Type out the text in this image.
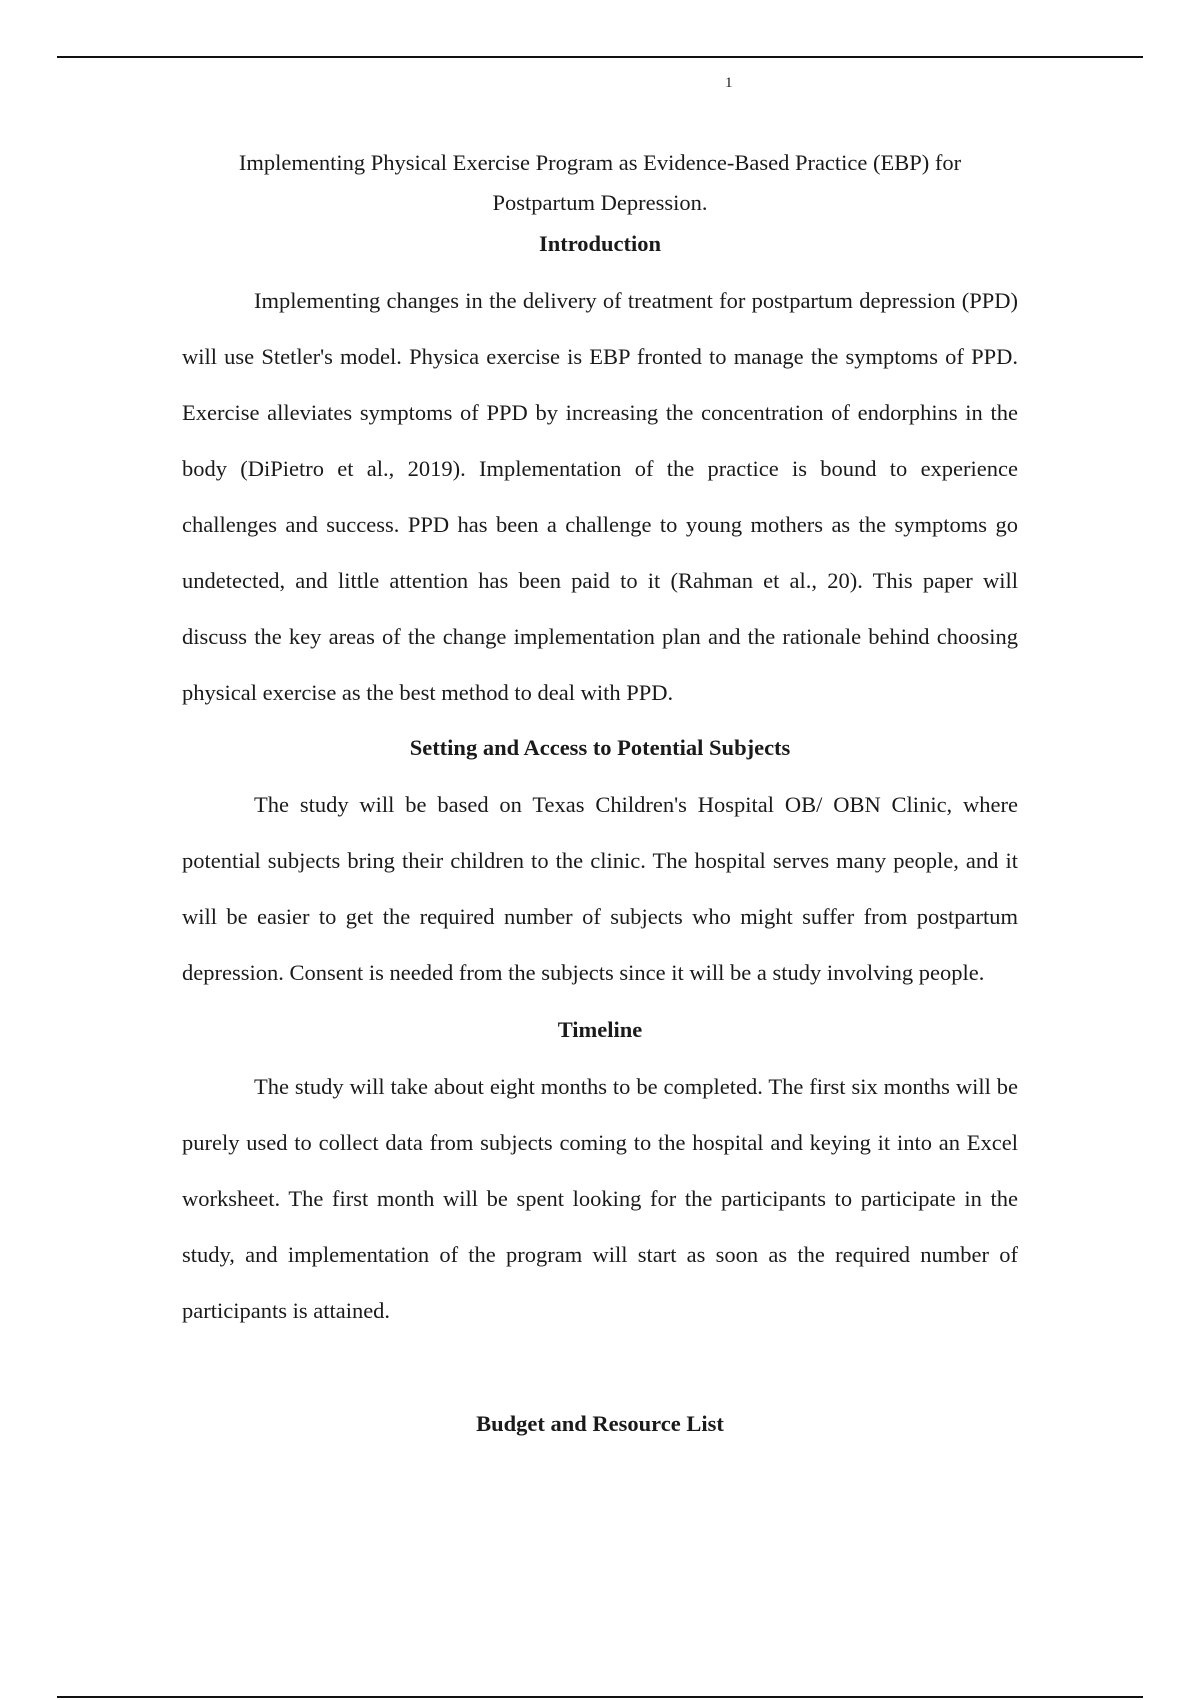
1
Implementing Physical Exercise Program as Evidence-Based Practice (EBP) for
Postpartum Depression.
Introduction

Implementing changes in the delivery of treatment for postpartum depression (PPD) will use Stetler's model. Physica exercise is EBP fronted to manage the symptoms of PPD. Exercise alleviates symptoms of PPD by increasing the concentration of endorphins in the body (DiPietro et al., 2019). Implementation of the practice is bound to experience challenges and success. PPD has been a challenge to young mothers as the symptoms go undetected, and little attention has been paid to it (Rahman et al., 20). This paper will discuss the key areas of the change implementation plan and the rationale behind choosing physical exercise as the best method to deal with PPD.

Setting and Access to Potential Subjects

The study will be based on Texas Children's Hospital OB/ OBN Clinic, where potential subjects bring their children to the clinic. The hospital serves many people, and it will be easier to get the required number of subjects who might suffer from postpartum depression. Consent is needed from the subjects since it will be a study involving people.

Timeline

The study will take about eight months to be completed. The first six months will be purely used to collect data from subjects coming to the hospital and keying it into an Excel worksheet. The first month will be spent looking for the participants to participate in the study, and implementation of the program will start as soon as the required number of participants is attained.

Budget and Resource List
